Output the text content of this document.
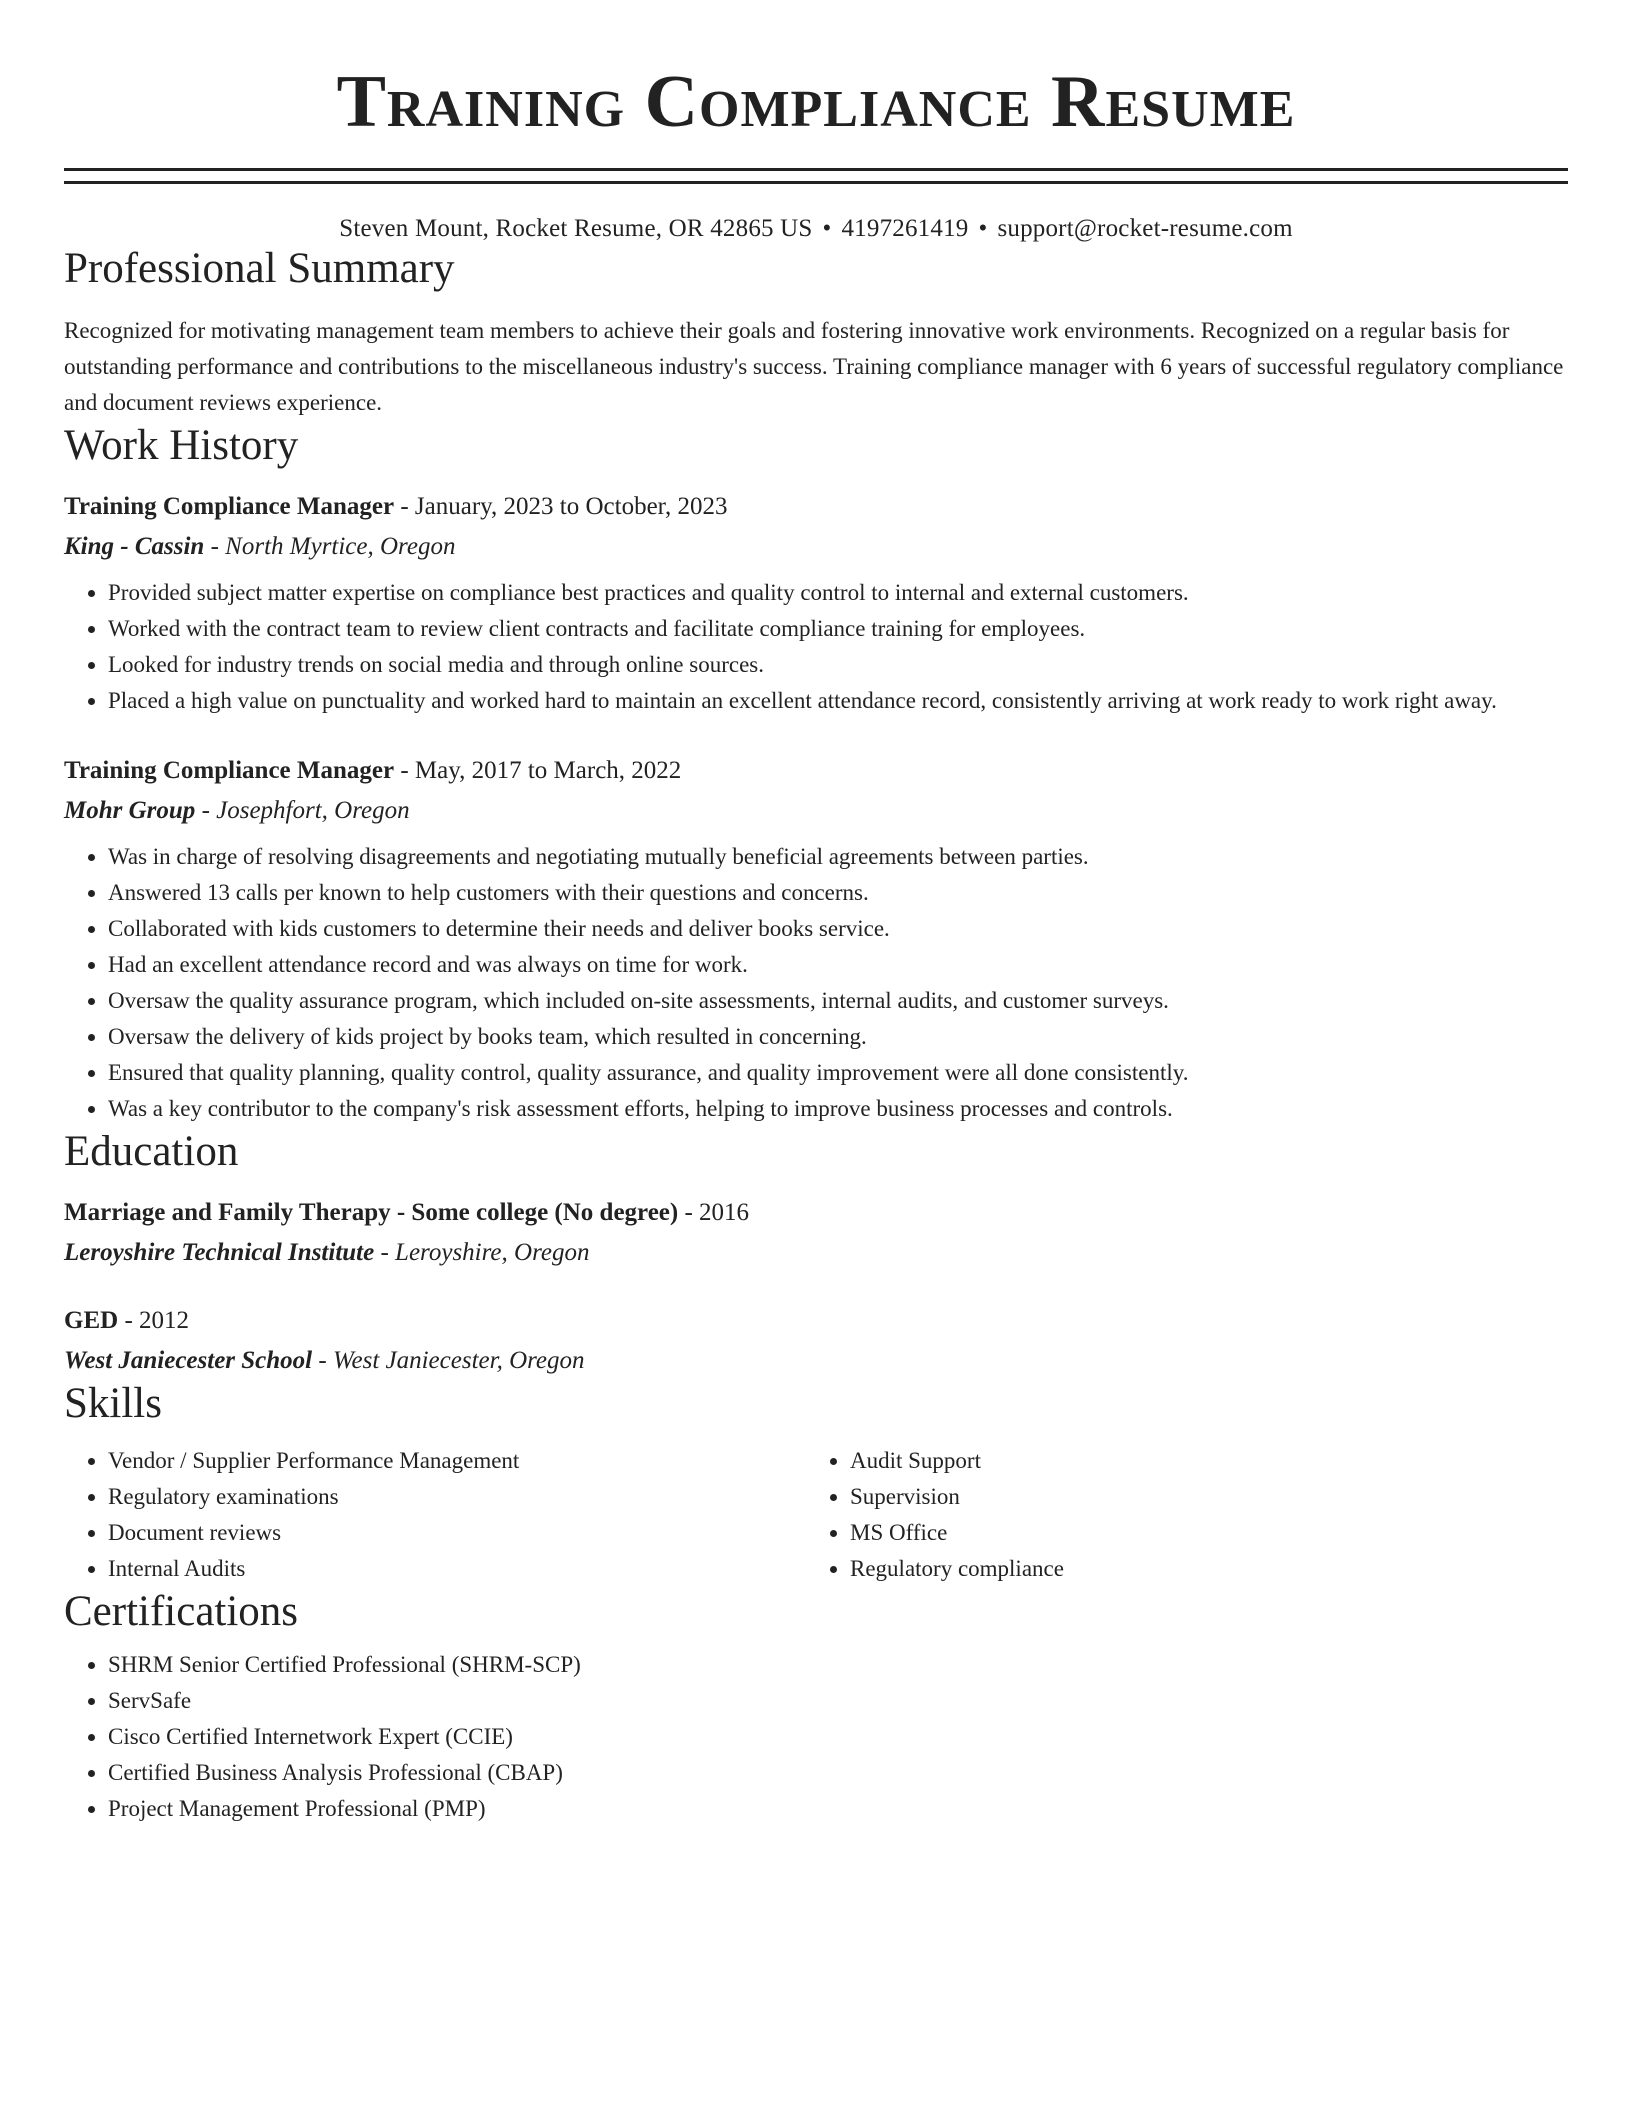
Training Compliance Resume
Steven Mount, Rocket Resume, OR 42865 US • 4197261419 • support@rocket-resume.com
Professional Summary

Recognized for motivating management team members to achieve their goals and fostering innovative work environments. Recognized on a regular basis for outstanding performance and contributions to the miscellaneous industry's success. Training compliance manager with 6 years of successful regulatory compliance and document reviews experience.

Work History
Training Compliance Manager - January, 2023 to October, 2023
King - Cassin - North Myrtice, Oregon
• Provided subject matter expertise on compliance best practices and quality control to internal and external customers.
• Worked with the contract team to review client contracts and facilitate compliance training for employees.
• Looked for industry trends on social media and through online sources.
• Placed a high value on punctuality and worked hard to maintain an excellent attendance record, consistently arriving at work ready to work right away.
Training Compliance Manager - May, 2017 to March, 2022
Mohr Group - Josephfort, Oregon
• Was in charge of resolving disagreements and negotiating mutually beneficial agreements between parties.
• Answered 13 calls per known to help customers with their questions and concerns.
• Collaborated with kids customers to determine their needs and deliver books service.
• Had an excellent attendance record and was always on time for work.
• Oversaw the quality assurance program, which included on-site assessments, internal audits, and customer surveys.
• Oversaw the delivery of kids project by books team, which resulted in concerning.
• Ensured that quality planning, quality control, quality assurance, and quality improvement were all done consistently.
• Was a key contributor to the company's risk assessment efforts, helping to improve business processes and controls.
Education
Marriage and Family Therapy - Some college (No degree) - 2016
Leroyshire Technical Institute - Leroyshire, Oregon
GED - 2012
West Janiecester School - West Janiecester, Oregon
Skills
• Vendor / Supplier Performance Management
• Regulatory examinations
• Document reviews
• Internal Audits
• Audit Support
• Supervision
• MS Office
• Regulatory compliance
Certifications
• SHRM Senior Certified Professional (SHRM-SCP)
• ServSafe
• Cisco Certified Internetwork Expert (CCIE)
• Certified Business Analysis Professional (CBAP)
• Project Management Professional (PMP)
